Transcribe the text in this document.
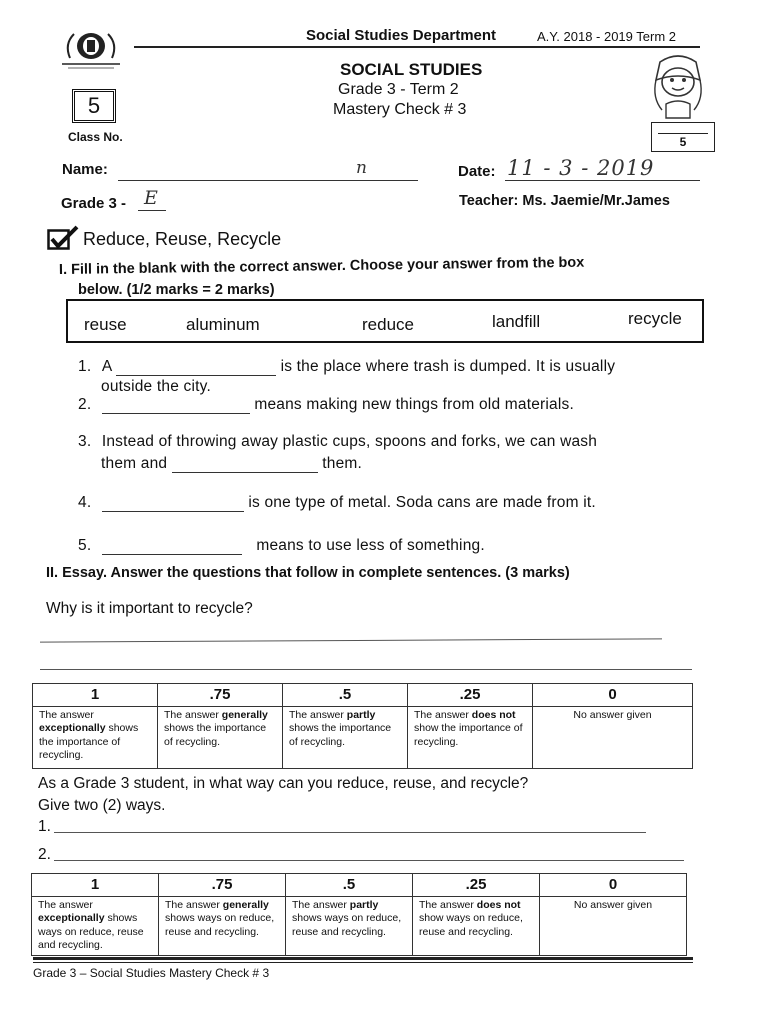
Social Studies Department	A.Y. 2018 - 2019 Term 2
SOCIAL STUDIES
Grade 3 - Term 2
Mastery Check # 3
5
Class No.	5
Name:	n	Date: 11 - 3 - 2019
Grade 3 - E	Teacher: Ms. Jaemie/Mr.James
Reduce, Reuse, Recycle
I. Fill in the blank with the correct answer. Choose your answer from the box
below. (1/2 marks = 2 marks)
reuse	aluminum	reduce	landfill	recycle
1. A	is the place where trash is dumped. It is usually
outside the city.
2.	means making new things from old materials.
3. Instead of throwing away plastic cups, spoons and forks, we can wash
them and	them.
4.	is one type of metal. Soda cans are made from it.
5.	means to use less of something.
II. Essay. Answer the questions that follow in complete sentences. (3 marks)
Why is it important to recycle?
1	.75	.5	.25	0
The answer
exceptionally shows
the importance of
recycling.	The answer generally
shows the importance
of recycling.	The answer partly
shows the importance
of recycling.	The answer does not
show the importance of
recycling.	No answer given
As a Grade 3 student, in what way can you reduce, reuse, and recycle?
Give two (2) ways.
1.
2.
1	.75	.5	.25	0
The answer
exceptionally shows
ways on reduce, reuse
and recycling.	The answer generally
shows ways on reduce,
reuse and recycling.	The answer partly
shows ways on reduce,
reuse and recycling.	The answer does not
show ways on reduce,
reuse and recycling.	No answer given
Grade 3 – Social Studies Mastery Check # 3
